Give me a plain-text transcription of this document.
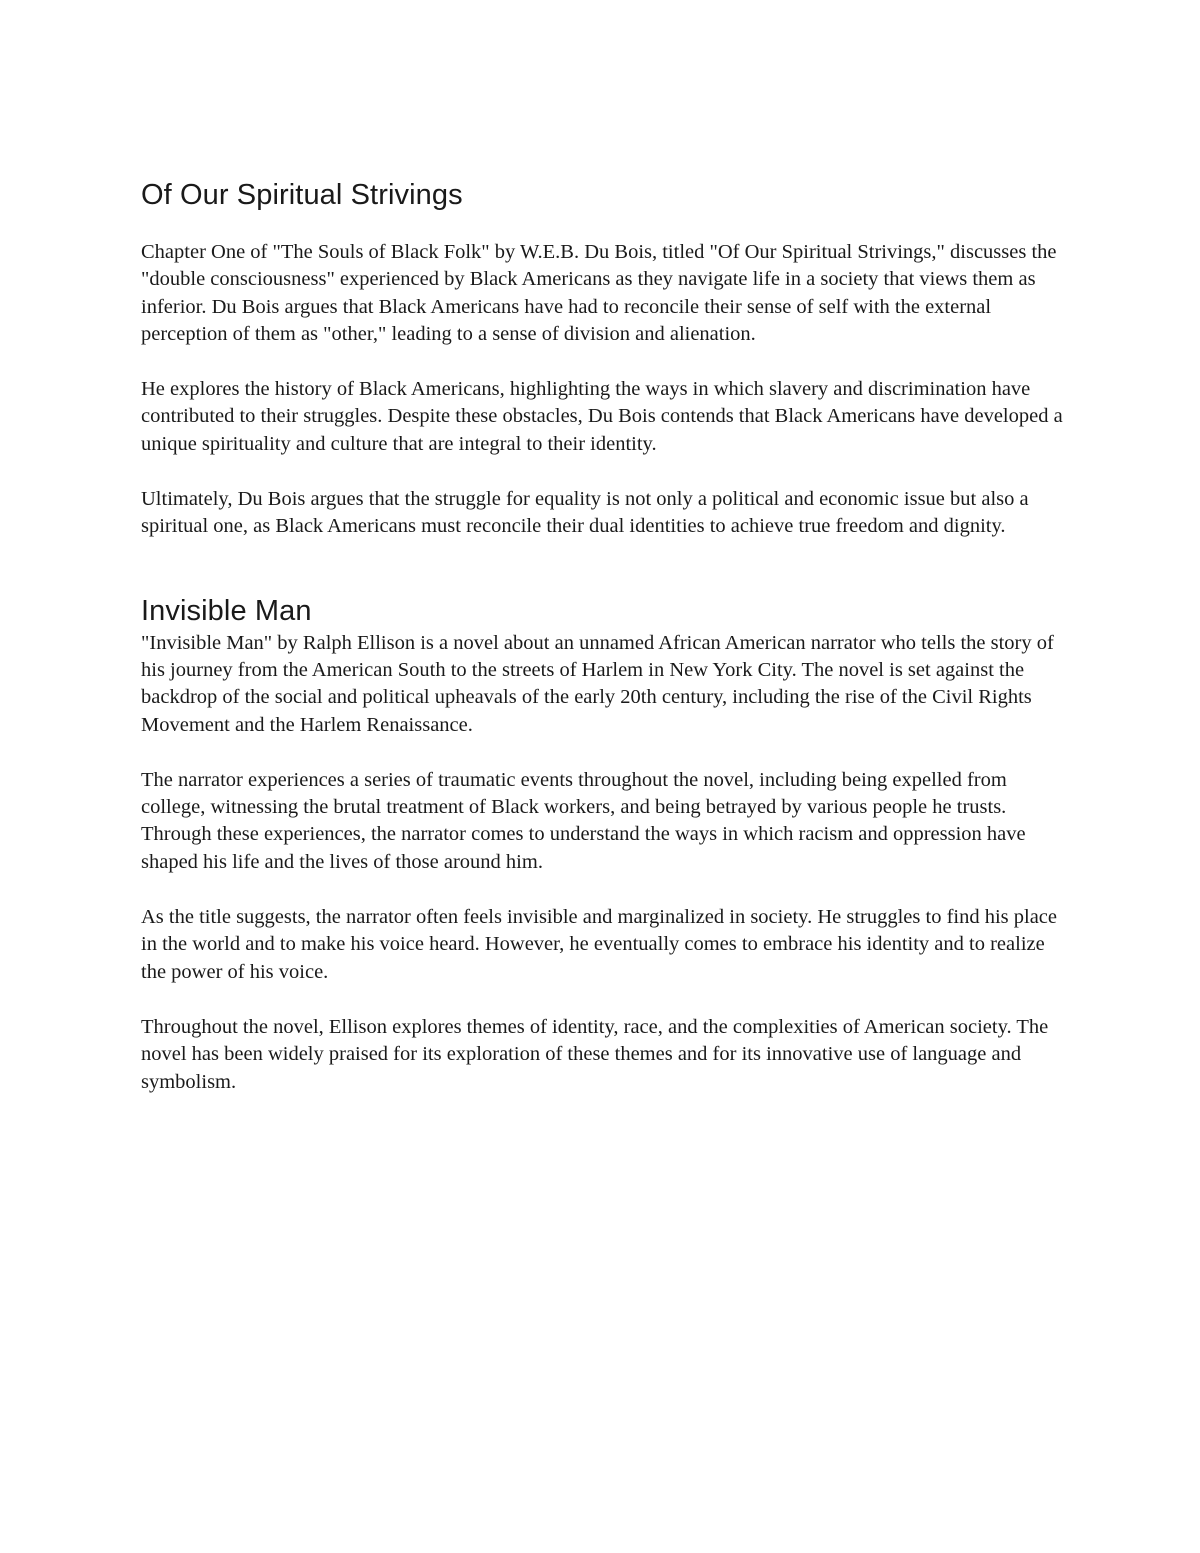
Of Our Spiritual Strivings

Chapter One of "The Souls of Black Folk" by W.E.B. Du Bois, titled "Of Our Spiritual Strivings," discusses the "double consciousness" experienced by Black Americans as they navigate life in a society that views them as inferior. Du Bois argues that Black Americans have had to reconcile their sense of self with the external perception of them as "other," leading to a sense of division and alienation.

He explores the history of Black Americans, highlighting the ways in which slavery and discrimination have contributed to their struggles. Despite these obstacles, Du Bois contends that Black Americans have developed a unique spirituality and culture that are integral to their identity.

Ultimately, Du Bois argues that the struggle for equality is not only a political and economic issue but also a spiritual one, as Black Americans must reconcile their dual identities to achieve true freedom and dignity.

Invisible Man

"Invisible Man" by Ralph Ellison is a novel about an unnamed African American narrator who tells the story of his journey from the American South to the streets of Harlem in New York City. The novel is set against the backdrop of the social and political upheavals of the early 20th century, including the rise of the Civil Rights Movement and the Harlem Renaissance.

The narrator experiences a series of traumatic events throughout the novel, including being expelled from college, witnessing the brutal treatment of Black workers, and being betrayed by various people he trusts. Through these experiences, the narrator comes to understand the ways in which racism and oppression have shaped his life and the lives of those around him.

As the title suggests, the narrator often feels invisible and marginalized in society. He struggles to find his place in the world and to make his voice heard. However, he eventually comes to embrace his identity and to realize the power of his voice.

Throughout the novel, Ellison explores themes of identity, race, and the complexities of American society. The novel has been widely praised for its exploration of these themes and for its innovative use of language and symbolism.
